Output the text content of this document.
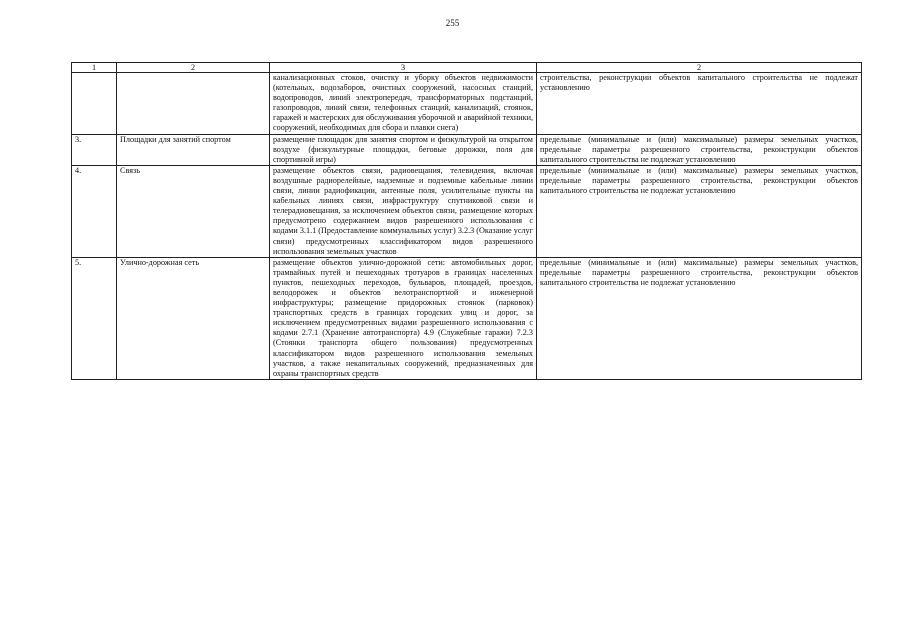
255
1	2	3	2
		канализационных стоков, очистку и уборку объектов недвижимости (котельных, водозаборов, очистных сооружений, насосных станций, водопроводов, линий электропередач, трансформаторных подстанций, газопроводов, линий связи, телефонных станций, канализаций, стоянок, гаражей и мастерских для обслуживания уборочной и аварийной техники, сооружений, необходимых для сбора и плавки снега)	строительства, реконструкции объектов капитального строительства не подлежат установлению
3.	Площадки для занятий спортом	размещение площадок для занятия спортом и физкультурой на открытом воздухе (физкультурные площадки, беговые дорожки, поля для спортивной игры)	предельные (минимальные и (или) максимальные) размеры земельных участков, предельные параметры разрешенного строительства, реконструкции объектов капитального строительства не подлежат установлению
4.	Связь	размещение объектов связи, радиовещания, телевидения, включая воздушные радиорелейные, надземные и подземные кабельные линии связи, линии радиофикации, антенные поля, усилительные пункты на кабельных линиях связи, инфраструктуру спутниковой связи и телерадиовещания, за исключением объектов связи, размещение которых предусмотрено содержанием видов разрешенного использования с кодами 3.1.1 (Предоставление коммунальных услуг) 3.2.3 (Оказание услуг связи) предусмотренных классификатором видов разрешенного использования земельных участков	предельные (минимальные и (или) максимальные) размеры земельных участков, предельные параметры разрешенного строительства, реконструкции объектов капитального строительства не подлежат установлению
5.	Улично-дорожная сеть	размещение объектов улично-дорожной сети: автомобильных дорог, трамвайных путей и пешеходных тротуаров в границах населенных пунктов, пешеходных переходов, бульваров, площадей, проездов, велодорожек и объектов велотранспортной и инженерной инфраструктуры; размещение придорожных стоянок (парковок) транспортных средств в границах городских улиц и дорог, за исключением предусмотренных видами разрешенного использования с кодами 2.7.1 (Хранение автотранспорта) 4.9 (Служебные гаражи) 7.2.3 (Стоянки транспорта общего пользования) предусмотренных классификатором видов разрешенного использования земельных участков, а также некапитальных сооружений, предназначенных для охраны транспортных средств	предельные (минимальные и (или) максимальные) размеры земельных участков, предельные параметры разрешенного строительства, реконструкции объектов капитального строительства не подлежат установлению
